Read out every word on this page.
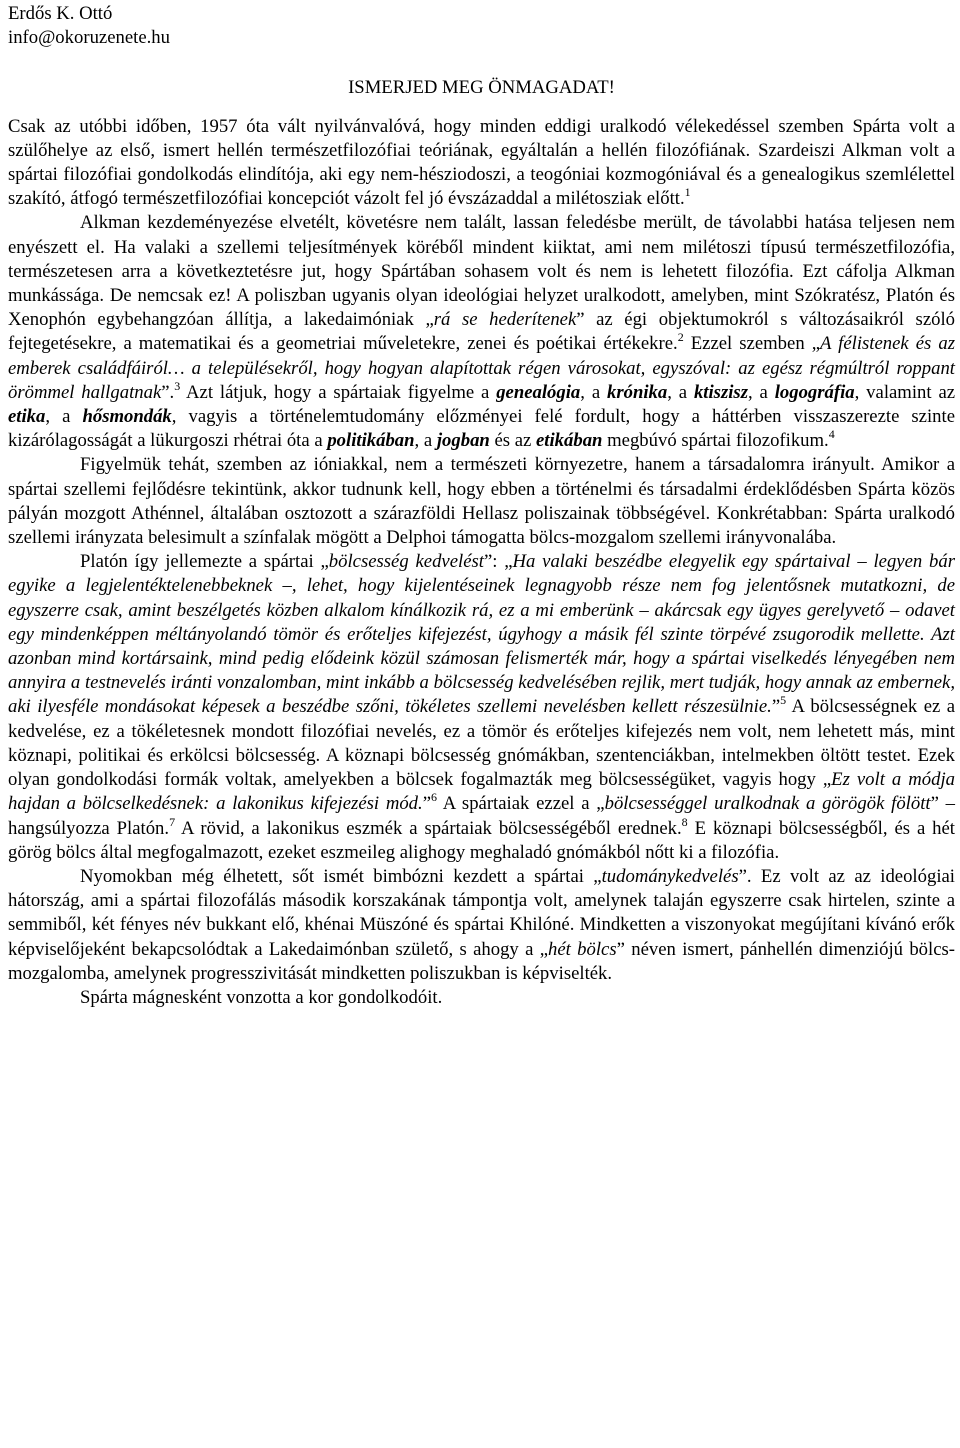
Erdős K. Ottó
info@okoruzenete.hu
ISMERJED MEG ÖNMAGADAT!

Csak az utóbbi időben, 1957 óta vált nyilvánvalóvá, hogy minden eddigi uralkodó vélekedéssel szemben Spárta volt a szülőhelye az első, ismert hellén természetfilozófiai teóriának, egyáltalán a hellén filozófiának. Szardeiszi Alkman volt a spártai filozófiai gondolkodás elindítója, aki egy nem-hésziodoszi, a teogóniai kozmogóniával és a genealogikus szemlélettel szakító, átfogó természetfilozófiai koncepciót vázolt fel jó évszázaddal a milétosziak előtt.$^1$

Alkman kezdeményezése elvetélt, követésre nem talált, lassan feledésbe merült, de távolabbi hatása teljesen nem enyészett el. Ha valaki a szellemi teljesítmények köréből mindent kiiktat, ami nem milétoszi típusú természetfilozófia, természetesen arra a következtetésre jut, hogy Spártában sohasem volt és nem is lehetett filozófia. Ezt cáfolja Alkman munkássága. De nemcsak ez! A poliszban ugyanis olyan ideológiai helyzet uralkodott, amelyben, mint Szókratész, Platón és Xenophón egybehangzóan állítja, a lakedaimóniak „rá se hederítenek” az égi objektumokról s változásaikról szóló fejtegetésekre, a matematikai és a geometriai műveletekre, zenei és poétikai értékekre.$^2$ Ezzel szemben „A félistenek és az emberek családfáiról… a településekről, hogy hogyan alapítottak régen városokat, egyszóval: az egész régmúltról roppant örömmel hallgatnak”.$^3$ Azt látjuk, hogy a spártaiak figyelme a genealógia, a krónika, a ktiszisz, a logográfia, valamint az etika, a hősmondák, vagyis a történelemtudomány előzményei felé fordult, hogy a háttérben visszaszerezte szinte kizárólagosságát a lükurgoszi rhétrai óta a politikában, a jogban és az etikában megbúvó spártai filozofikum.$^4$

Figyelmük tehát, szemben az ióniakkal, nem a természeti környezetre, hanem a társadalomra irányult. Amikor a spártai szellemi fejlődésre tekintünk, akkor tudnunk kell, hogy ebben a történelmi és társadalmi érdeklődésben Spárta közös pályán mozgott Athénnel, általában osztozott a szárazföldi Hellasz poliszainak többségével. Konkrétabban: Spárta uralkodó szellemi irányzata belesimult a színfalak mögött a Delphoi támogatta bölcs-mozgalom szellemi irányvonalába.

Platón így jellemezte a spártai „bölcsesség kedvelést”: „Ha valaki beszédbe elegyelik egy spártaival – legyen bár egyike a legjelentéktelenebbeknek –, lehet, hogy kijelentéseinek legnagyobb része nem fog jelentősnek mutatkozni, de egyszerre csak, amint beszélgetés közben alkalom kínálkozik rá, ez a mi emberünk – akárcsak egy ügyes gerelyvető – odavet egy mindenképpen méltányolandó tömör és erőteljes kifejezést, úgyhogy a másik fél szinte törpévé zsugorodik mellette. Azt azonban mind kortársaink, mind pedig elődeink közül számosan felismerték már, hogy a spártai viselkedés lényegében nem annyira a testnevelés iránti vonzalomban, mint inkább a bölcsesség kedvelésében rejlik, mert tudják, hogy annak az embernek, aki ilyesféle mondásokat képesek a beszédbe szőni, tökéletes szellemi nevelésben kellett részesülnie.”$^5$ A bölcsességnek ez a kedvelése, ez a tökéletesnek mondott filozófiai nevelés, ez a tömör és erőteljes kifejezés nem volt, nem lehetett más, mint köznapi, politikai és erkölcsi bölcsesség. A köznapi bölcsesség gnómákban, szentenciákban, intelmekben öltött testet. Ezek olyan gondolkodási formák voltak, amelyekben a bölcsek fogalmazták meg bölcsességüket, vagyis hogy „Ez volt a módja hajdan a bölcselkedésnek: a lakonikus kifejezési mód.”$^6$ A spártaiak ezzel a „bölcsességgel uralkodnak a görögök fölött” – hangsúlyozza Platón.$^7$ A rövid, a lakonikus eszmék a spártaiak bölcsességéből erednek.$^8$ E köznapi bölcsességből, és a hét görög bölcs által megfogalmazott, ezeket eszmeileg alighogy meghaladó gnómákból nőtt ki a filozófia.

Nyomokban még élhetett, sőt ismét bimbózni kezdett a spártai „tudománykedvelés”. Ez volt az az ideológiai hátország, ami a spártai filozofálás második korszakának támpontja volt, amelynek talaján egyszerre csak hirtelen, szinte a semmiből, két fényes név bukkant elő, khénai Müszóné és spártai Khilóné. Mindketten a viszonyokat megújítani kívánó erők képviselőjeként bekapcsolódtak a Lakedaimónban születő, s ahogy a „hét bölcs” néven ismert, pánhellén dimenziójú bölcs-mozgalomba, amelynek progresszivitását mindketten poliszukban is képviselték.

Spárta mágnesként vonzotta a kor gondolkodóit.
